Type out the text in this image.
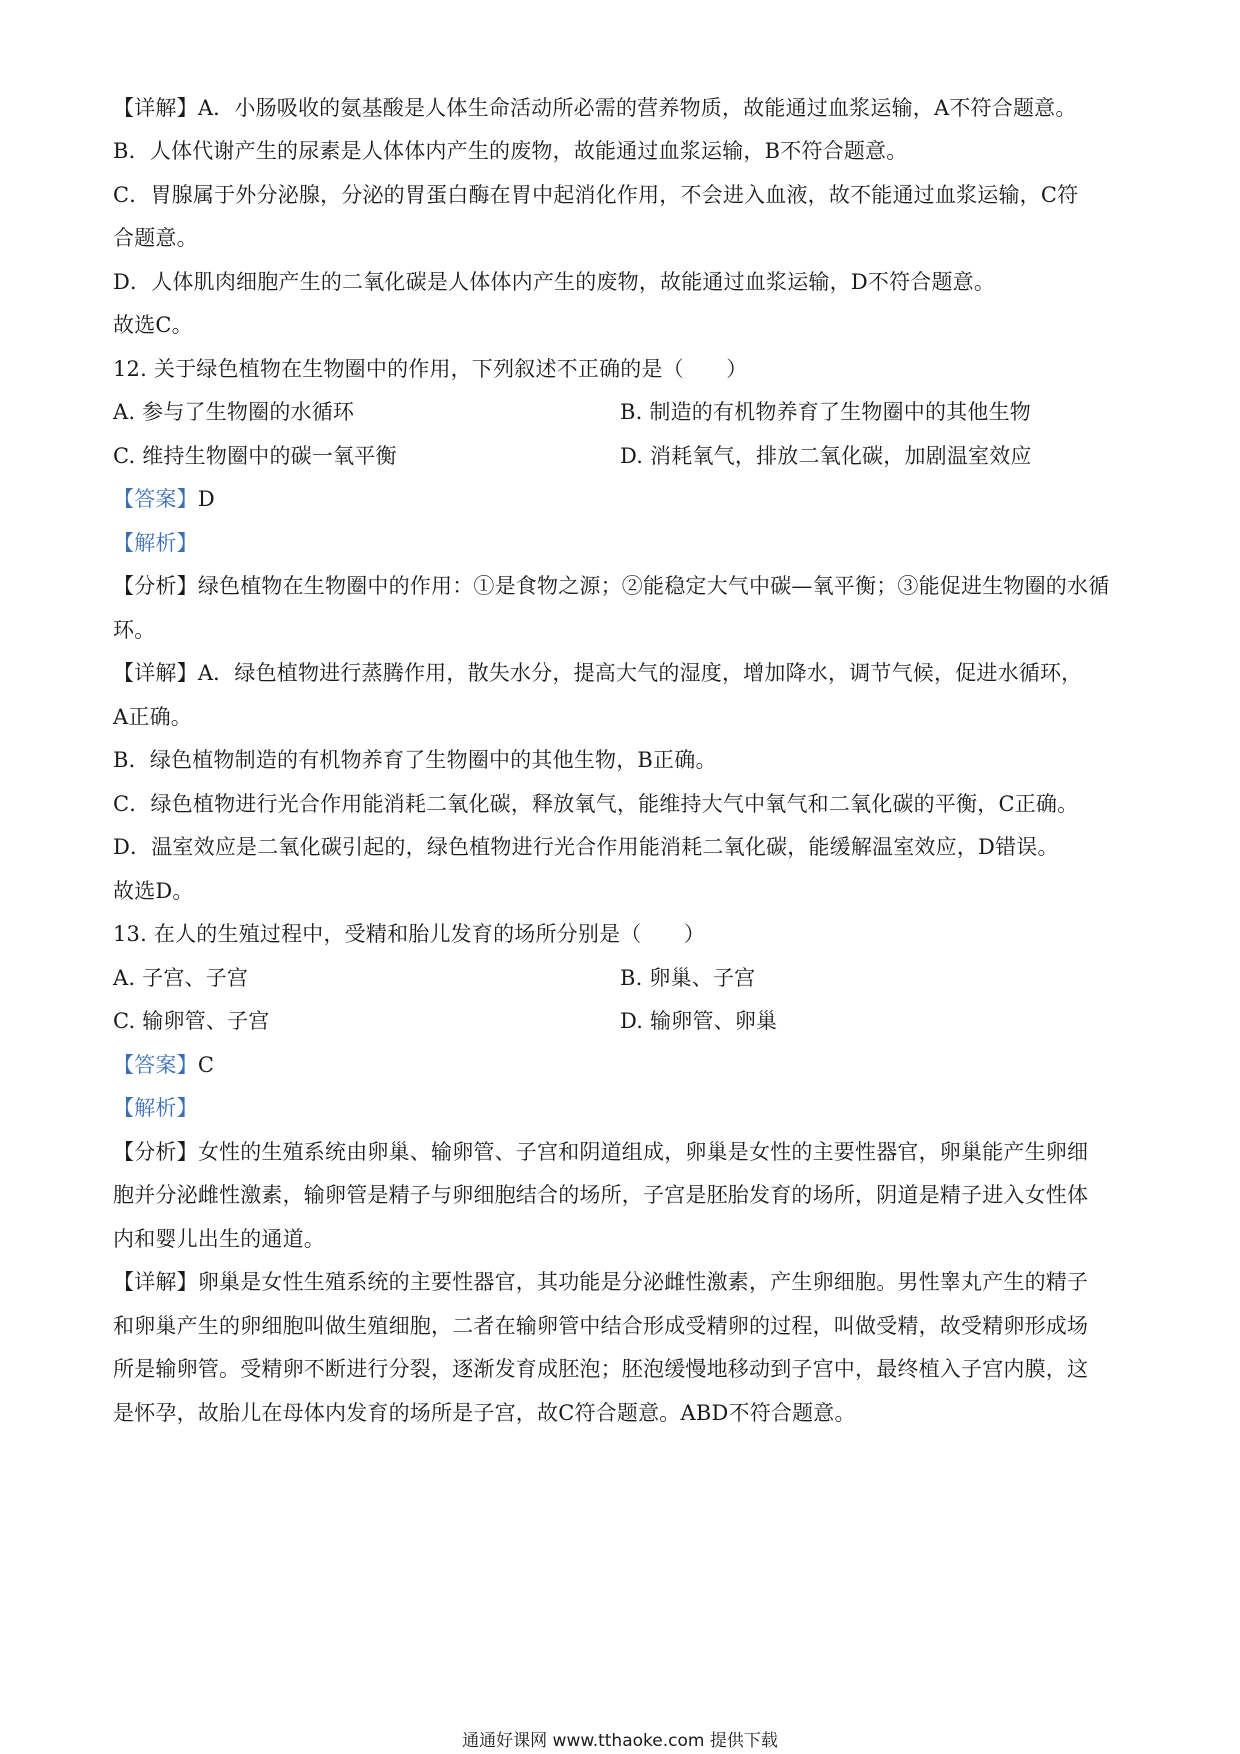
【详解】A．小肠吸收的氨基酸是人体生命活动所必需的营养物质，故能通过血浆运输，A不符合题意。
B．人体代谢产生的尿素是人体体内产生的废物，故能通过血浆运输，B不符合题意。
C．胃腺属于外分泌腺，分泌的胃蛋白酶在胃中起消化作用，不会进入血液，故不能通过血浆运输，C符
合题意。
D．人体肌肉细胞产生的二氧化碳是人体体内产生的废物，故能通过血浆运输，D不符合题意。
故选C。
12. 关于绿色植物在生物圈中的作用，下列叙述不正确的是（　　）
A. 参与了生物圈的水循环	B. 制造的有机物养育了生物圈中的其他生物
C. 维持生物圈中的碳一氧平衡	D. 消耗氧气，排放二氧化碳，加剧温室效应
【答案】D
【解析】
【分析】绿色植物在生物圈中的作用：①是食物之源；②能稳定大气中碳—氧平衡；③能促进生物圈的水循
环。
【详解】A．绿色植物进行蒸腾作用，散失水分，提高大气的湿度，增加降水，调节气候，促进水循环，
A正确。
B．绿色植物制造的有机物养育了生物圈中的其他生物，B正确。
C．绿色植物进行光合作用能消耗二氧化碳，释放氧气，能维持大气中氧气和二氧化碳的平衡，C正确。
D．温室效应是二氧化碳引起的，绿色植物进行光合作用能消耗二氧化碳，能缓解温室效应，D错误。
故选D。
13. 在人的生殖过程中，受精和胎儿发育的场所分别是（　　）
A. 子宫、子宫	B. 卵巢、子宫
C. 输卵管、子宫	D. 输卵管、卵巢
【答案】C
【解析】
【分析】女性的生殖系统由卵巢、输卵管、子宫和阴道组成，卵巢是女性的主要性器官，卵巢能产生卵细
胞并分泌雌性激素，输卵管是精子与卵细胞结合的场所，子宫是胚胎发育的场所，阴道是精子进入女性体
内和婴儿出生的通道。
【详解】卵巢是女性生殖系统的主要性器官，其功能是分泌雌性激素，产生卵细胞。男性睾丸产生的精子
和卵巢产生的卵细胞叫做生殖细胞，二者在输卵管中结合形成受精卵的过程，叫做受精，故受精卵形成场
所是输卵管。受精卵不断进行分裂，逐渐发育成胚泡；胚泡缓慢地移动到子宫中，最终植入子宫内膜，这
是怀孕，故胎儿在母体内发育的场所是子宫，故C符合题意。ABD不符合题意。
通通好课网 www.tthaoke.com 提供下载
